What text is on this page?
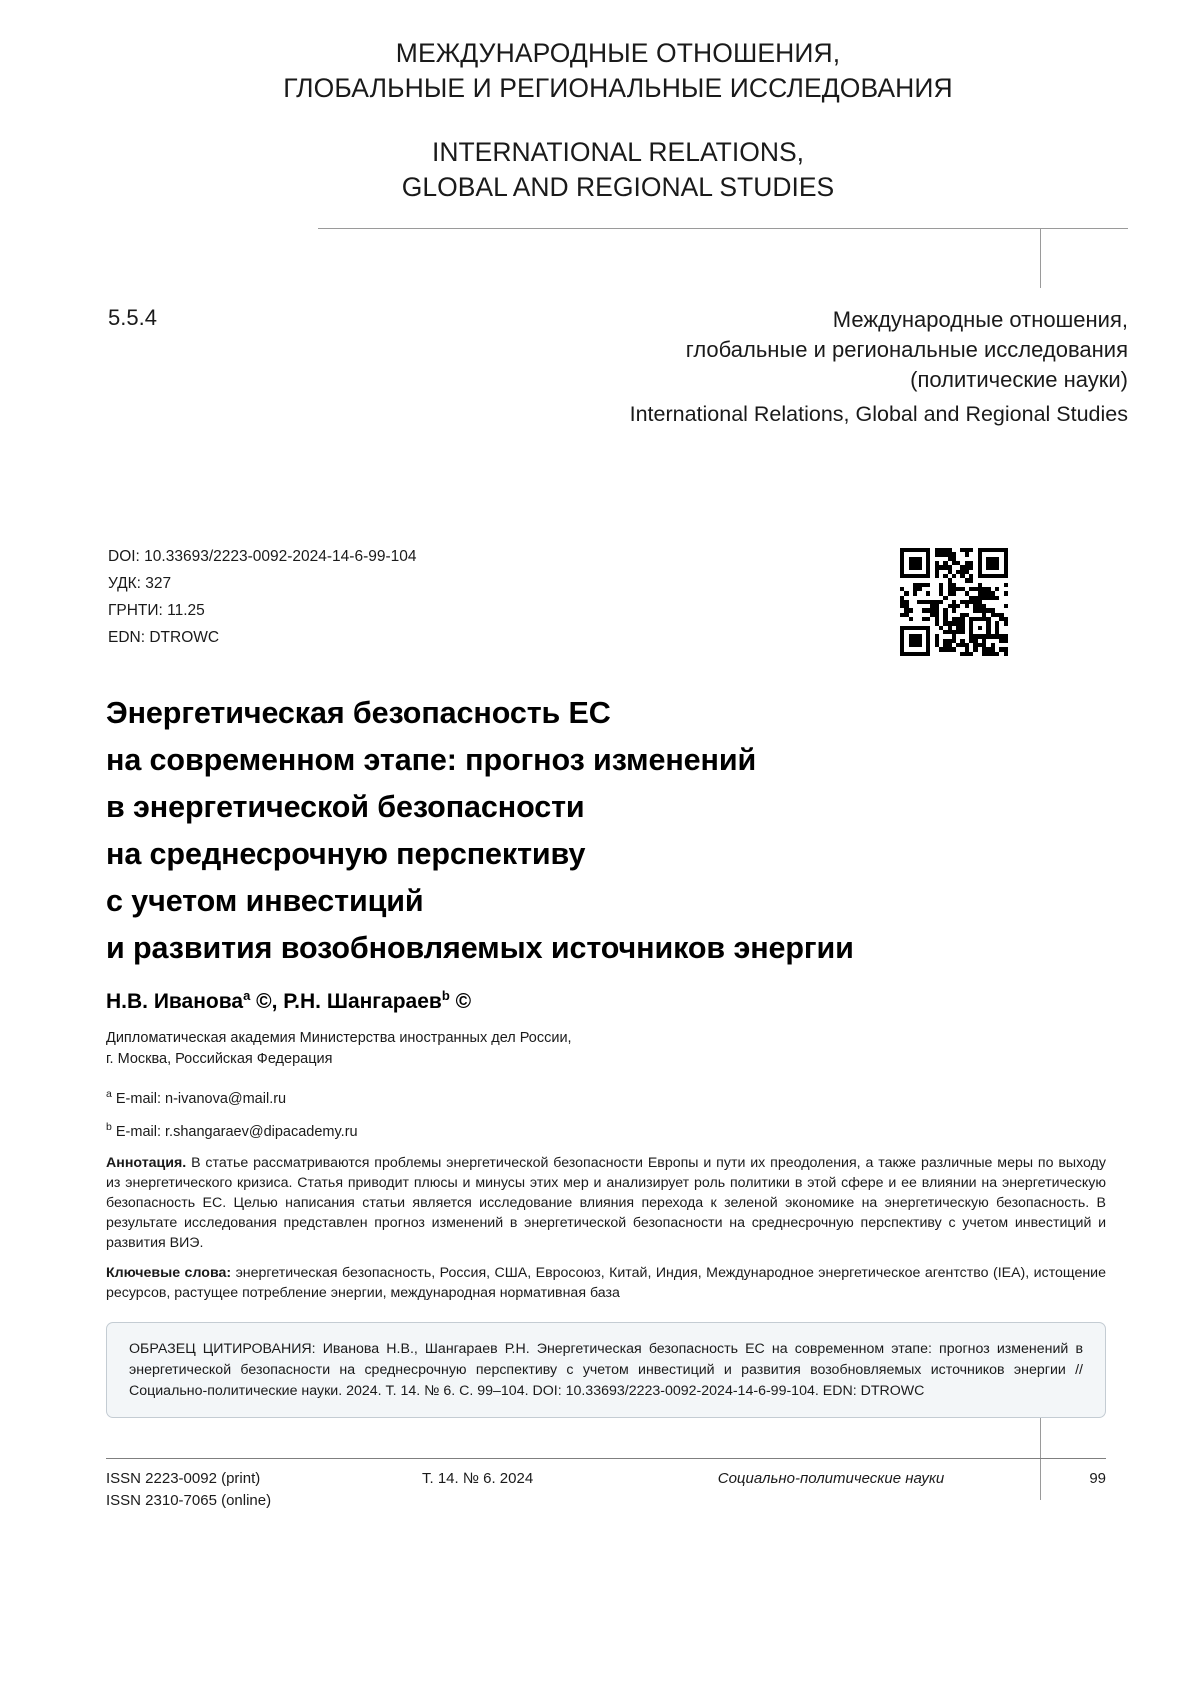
МЕЖДУНАРОДНЫЕ ОТНОШЕНИЯ,
ГЛОБАЛЬНЫЕ И РЕГИОНАЛЬНЫЕ ИССЛЕДОВАНИЯ
INTERNATIONAL RELATIONS,
GLOBAL AND REGIONAL STUDIES
5.5.4	Международные отношения,
глобальные и региональные исследования
(политические науки)
International Relations, Global and Regional Studies
DOI: 10.33693/2223-0092-2024-14-6-99-104
УДК: 327
ГРНТИ: 11.25
EDN: DTROWC
Энергетическая безопасность ЕС
на современном этапе: прогноз изменений
в энергетической безопасности
на среднесрочную перспективу
с учетом инвестиций
и развития возобновляемых источников энергии
Н.В. Иванова$^a$ ©, Р.Н. Шангараев$^b$ ©
Дипломатическая академия Министерства иностранных дел России,
г. Москва, Российская Федерация
$^a$ E-mail: n-ivanova@mail.ru
$^b$ E-mail: r.shangaraev@dipacademy.ru
Аннотация. В статье рассматриваются проблемы энергетической безопасности Европы и пути их преодоления, а также различные меры по выходу из энергетического кризиса. Статья приводит плюсы и минусы этих мер и анализирует роль политики в этой сфере и ее влиянии на энергетическую безопасность ЕС. Целью написания статьи является исследование влияния перехода к зеленой экономике на энергетическую безопасность. В результате исследования представлен прогноз изменений в энергетической безопасности на среднесрочную перспективу с учетом инвестиций и развития ВИЭ.
Ключевые слова: энергетическая безопасность, Россия, США, Евросоюз, Китай, Индия, Международное энергетическое агентство (IEA), истощение ресурсов, растущее потребление энергии, международная нормативная база
ОБРАЗЕЦ ЦИТИРОВАНИЯ: Иванова Н.В., Шангараев Р.Н. Энергетическая безопасность ЕС на современном этапе: прогноз изменений в энергетической безопасности на среднесрочную перспективу с учетом инвестиций и развития возобновляемых источников энергии // Социально-политические науки. 2024. Т. 14. № 6. С. 99–104. DOI: 10.33693/2223-0092-2024-14-6-99-104. EDN: DTROWC
ISSN 2223-0092 (print)
ISSN 2310-7065 (online)
Т. 14. № 6. 2024	Социально-политические науки	99
